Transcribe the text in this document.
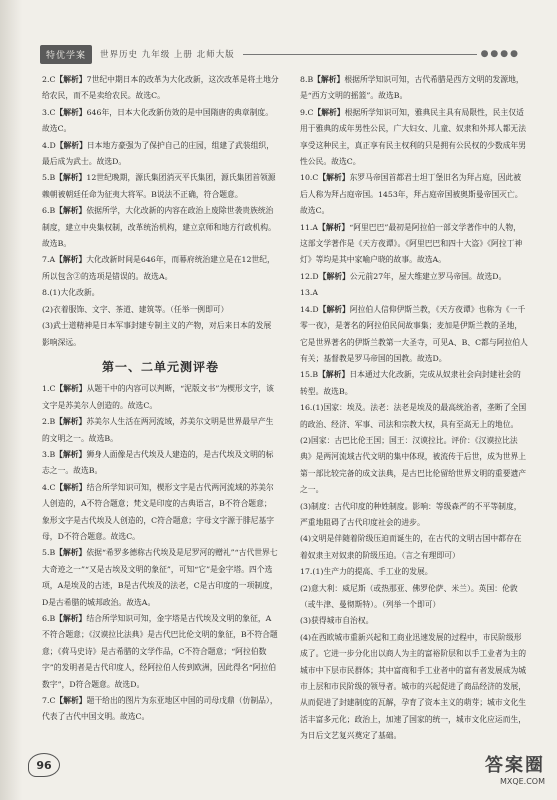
特优学案	世界历史 九年级 上册 北师大版	●●●●

2.C【解析】7世纪中期日本的改革为大化改新，这次改革是将土地分给农民，而不是卖给农民。故选C。

3.C【解析】646年，日本大化改新仿效的是中国隋唐的典章制度。故选C。

4.D【解析】日本地方豪强为了保护自己的庄园，组建了武装组织，最后成为武士。故选D。

5.B【解析】12世纪晚期，源氏集团消灭平氏集团，源氏集团首领源赖朝被朝廷任命为征夷大将军。B说法不正确，符合题意。

6.B【解析】依据所学，大化改新的内容在政治上废除世袭贵族统治制度，建立中央集权制，改革统治机构，建立京师和地方行政机构。故选B。

7.A【解析】大化改新时间是646年，而幕府统治建立是在12世纪，所以包含②的选项是错误的。故选A。

8.(1)大化改新。

(2)衣着服饰、文字、茶道、建筑等。（任举一例即可）

(3)武士道精神是日本军事封建专制主义的产物，对后来日本的发展影响深远。

第一、二单元测评卷

1.C【解析】从题干中的内容可以判断，“泥版文书”为楔形文字，该文字是苏美尔人创造的。故选C。

2.B【解析】苏美尔人生活在两河流域，苏美尔文明是世界最早产生的文明之一。故选B。

3.B【解析】狮身人面像是古代埃及人建造的，是古代埃及文明的标志之一。故选B。

4.C【解析】结合所学知识可知，楔形文字是古代两河流域的苏美尔人创造的，A不符合题意；梵文是印度的古典语言，B不符合题意；象形文字是古代埃及人创造的，C符合题意；字母文字源于腓尼基字母，D不符合题意。故选C。

5.B【解析】依据“希罗多德称古代埃及是尼罗河的赠礼”“古代世界七大奇迹之一”“又是古埃及文明的象征”，可知“它”是金字塔。四个选项，A是埃及的古迹，B是古代埃及的法老，C是古印度的一项制度，D是古希腊的城邦政治。故选A。

6.B【解析】结合所学知识可知，金字塔是古代埃及文明的象征，A不符合题意；《汉谟拉比法典》是古代巴比伦文明的象征，B不符合题意；《荷马史诗》是古希腊的文学作品，C不符合题意；“阿拉伯数字”的发明者是古代印度人，经阿拉伯人传到欧洲，因此得名“阿拉伯数字”，D符合题意。故选D。

7.C【解析】题干给出的图片为东亚地区中国的司母戊鼎（仿制品），代表了古代中国文明。故选C。

8.B【解析】根据所学知识可知，古代希腊是西方文明的发源地，是“西方文明的摇篮”。故选B。

9.C【解析】根据所学知识可知，雅典民主具有局限性，民主仅适用于雅典的成年男性公民，广大妇女、儿童、奴隶和外邦人都无法享受这种民主，真正享有民主权利的只是拥有公民权的少数成年男性公民。故选C。

10.C【解析】东罗马帝国首都君士坦丁堡旧名为拜占庭，因此被后人称为拜占庭帝国。1453年，拜占庭帝国被奥斯曼帝国灭亡。故选C。

11.A【解析】“阿里巴巴”最初是阿拉伯一部文学著作中的人物，这部文学著作是《天方夜谭》。《阿里巴巴和四十大盗》《阿拉丁神灯》等均是其中家喻户晓的故事。故选A。

12.D【解析】公元前27年，屋大维建立罗马帝国。故选D。

13.A

14.D【解析】阿拉伯人信仰伊斯兰教，《天方夜谭》也称为《一千零一夜》，是著名的阿拉伯民间故事集；麦加是伊斯兰教的圣地，它是世界著名的伊斯兰教第一大圣寺，可见A、B、C都与阿拉伯人有关；基督教是罗马帝国的国教。故选D。

15.B【解析】日本通过大化改新，完成从奴隶社会向封建社会的转型。故选B。

16.(1)国家：埃及。法老：法老是埃及的最高统治者，垄断了全国的政治、经济、军事、司法和宗教大权，具有至高无上的地位。

(2)国家：古巴比伦王国；国王：汉谟拉比。评价：《汉谟拉比法典》是两河流域古代文明的集中体现，被流传于后世，成为世界上第一部比较完备的成文法典，是古巴比伦留给世界文明的重要遗产之一。

(3)制度：古代印度的种姓制度。影响：等级森严的不平等制度，严重地阻碍了古代印度社会的进步。

(4)文明是伴随着阶级压迫而诞生的，在古代的文明古国中都存在着奴隶主对奴隶的阶级压迫。（言之有理即可）

17.(1)生产力的提高、手工业的发展。

(2)意大利：威尼斯（或热那亚、佛罗伦萨、米兰）。英国：伦敦（或牛津、曼彻斯特）。（列举一个即可）

(3)获得城市自治权。

(4)在西欧城市重新兴起和工商业迅速发展的过程中，市民阶级形成了。它进一步分化出以商人为主的富裕阶层和以手工业者为主的城市中下层市民群体；其中富商和手工业者中的富有者发展成为城市上层和市民阶级的领导者。城市的兴起促进了商品经济的发展，从而促进了封建制度的瓦解，孕育了资本主义的萌芽；城市文化生活丰富多元化；政治上，加速了国家的统一，城市文化应运而生，为日后文艺复兴奠定了基础。

96	答案圈
MXQE.COM
